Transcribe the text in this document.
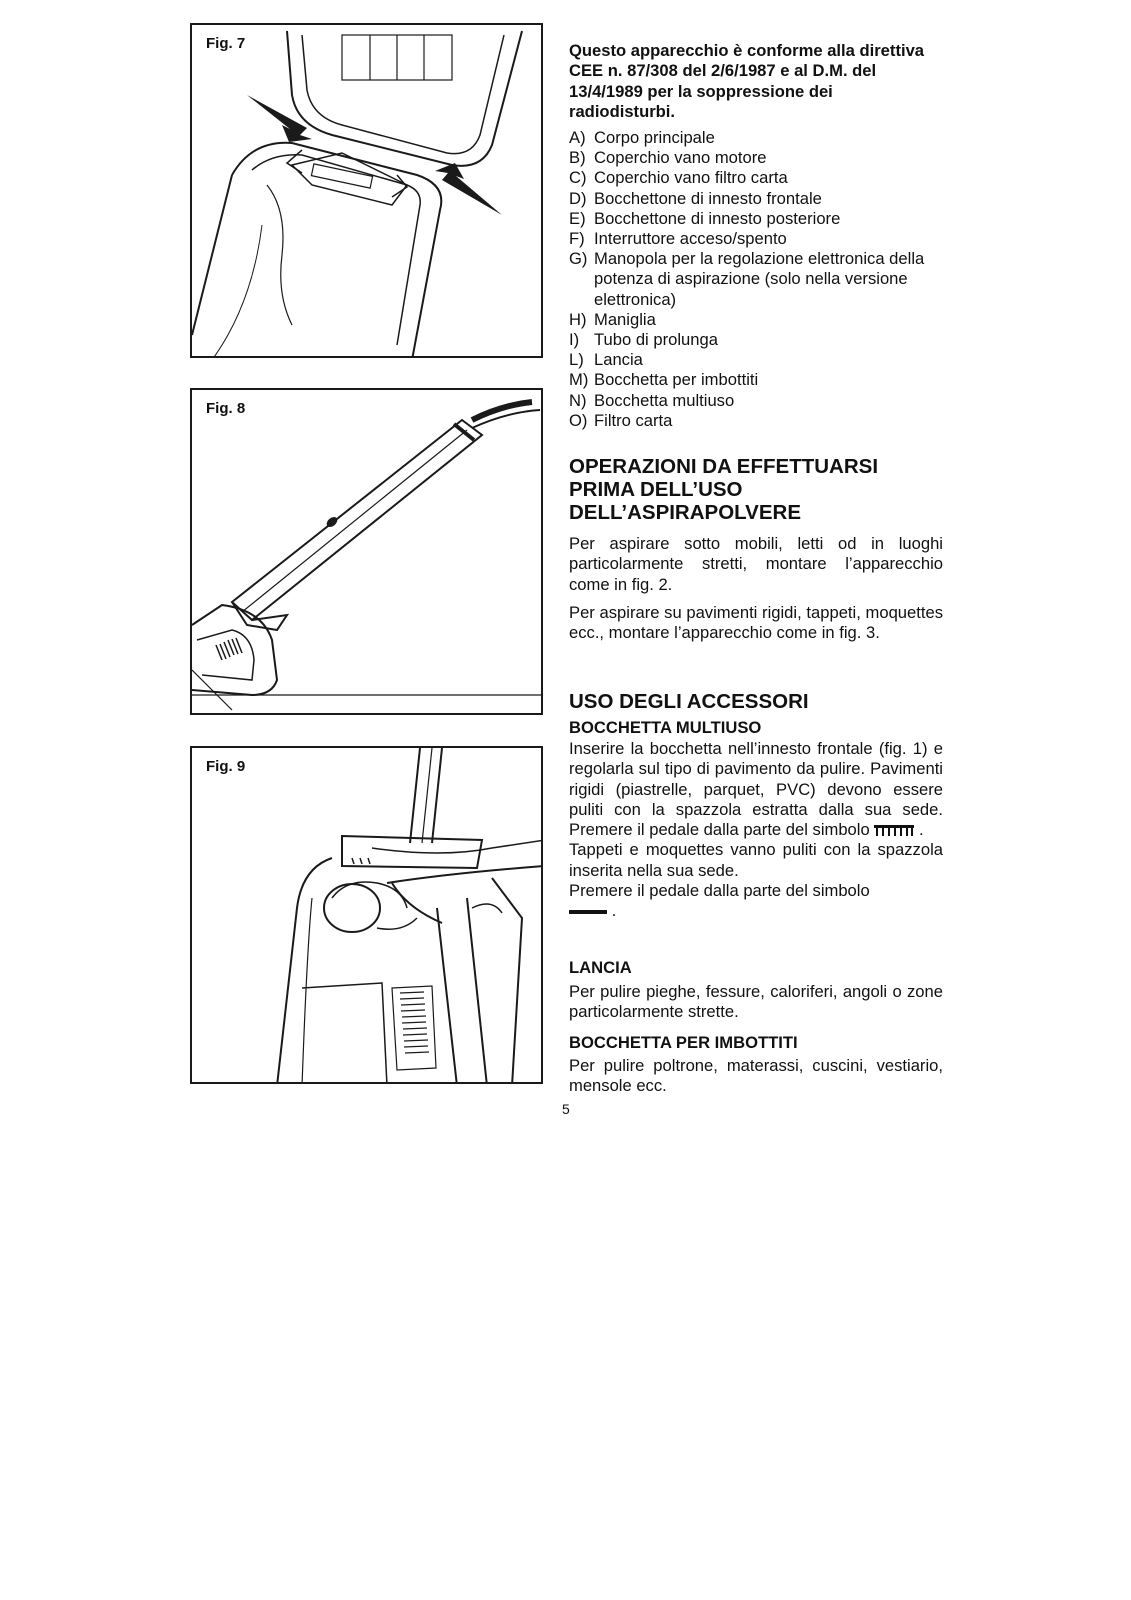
Fig. 7
Fig. 8
Fig. 9

Questo apparecchio è conforme alla direttiva CEE n. 87/308 del 2/6/1987 e al D.M. del 13/4/1989 per la soppressione dei radiodisturbi.

A) Corpo principale
B) Coperchio vano motore
C) Coperchio vano filtro carta
D) Bocchettone di innesto frontale
E) Bocchettone di innesto posteriore
F) Interruttore acceso/spento
G) Manopola per la regolazione elettronica della potenza di aspirazione (solo nella versione elettronica)
H) Maniglia
I) Tubo di prolunga
L) Lancia
M) Bocchetta per imbottiti
N) Bocchetta multiuso
O) Filtro carta
OPERAZIONI DA EFFETTUARSI PRIMA DELL’USO DELL’ASPIRAPOLVERE

Per aspirare sotto mobili, letti od in luoghi particolarmente stretti, montare l’apparecchio come in fig. 2.

Per aspirare su pavimenti rigidi, tappeti, moquettes ecc., montare l’apparecchio come in fig. 3.

USO DEGLI ACCESSORI
BOCCHETTA MULTIUSO

Inserire la bocchetta nell’innesto frontale (fig. 1) e regolarla sul tipo di pavimento da pulire. Pavimenti rigidi (piastrelle, parquet, PVC) devono essere puliti con la spazzola estratta dalla sua sede. Premere il pedale dalla parte del simbolo	.
Tappeti e moquettes vanno puliti con la spazzola inserita nella sua sede.
Premere il pedale dalla parte del simbolo
.

LANCIA

Per pulire pieghe, fessure, caloriferi, angoli o zone particolarmente strette.

BOCCHETTA PER IMBOTTITI

Per pulire poltrone, materassi, cuscini, vestiario, mensole ecc.

5
